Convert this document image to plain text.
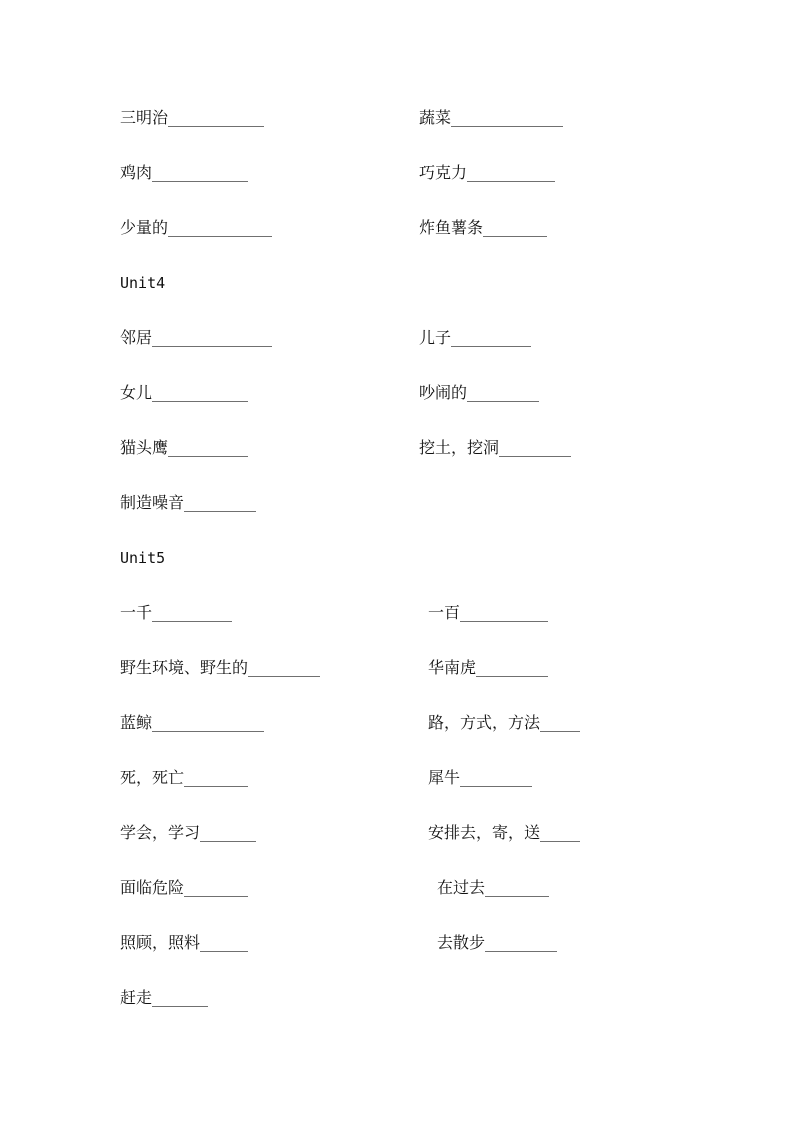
三明治____________	蔬菜______________
鸡肉____________	巧克力___________
少量的_____________	炸鱼薯条________
Unit4
邻居_______________	儿子__________
女儿____________	吵闹的_________
猫头鹰__________	挖土，挖洞_________
制造噪音_________
Unit5
一千__________	一百___________
野生环境、野生的_________	华南虎_________
蓝鲸______________	路，方式，方法_____
死，死亡________	犀牛_________
学会，学习_______	安排去，寄，送_____
面临危险________	在过去________
照顾，照料______	去散步_________
赶走_______
